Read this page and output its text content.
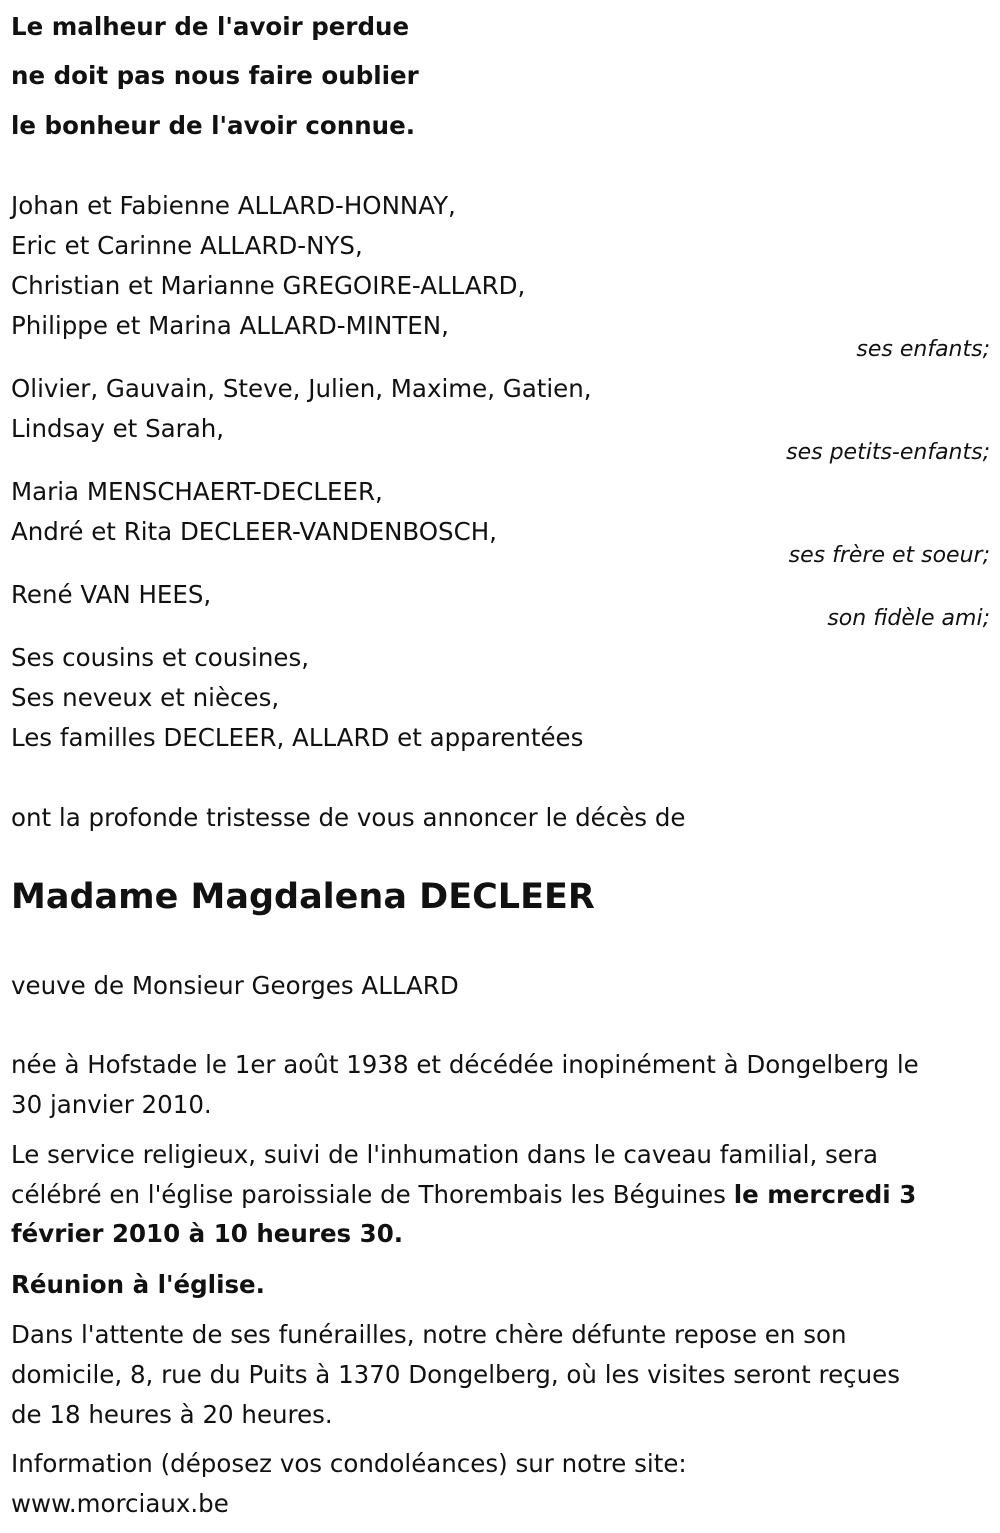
Le malheur de l'avoir perdue
ne doit pas nous faire oublier
le bonheur de l'avoir connue.
Johan et Fabienne ALLARD-HONNAY,
Eric et Carinne ALLARD-NYS,
Christian et Marianne GREGOIRE-ALLARD,
Philippe et Marina ALLARD-MINTEN,
ses enfants;
Olivier, Gauvain, Steve, Julien, Maxime, Gatien,
Lindsay et Sarah,
ses petits-enfants;
Maria MENSCHAERT-DECLEER,
André et Rita DECLEER-VANDENBOSCH,
ses frère et soeur;
René VAN HEES,
son fidèle ami;
Ses cousins et cousines,
Ses neveux et nièces,
Les familles DECLEER, ALLARD et apparentées
ont la profonde tristesse de vous annoncer le décès de
Madame Magdalena DECLEER
veuve de Monsieur Georges ALLARD
née à Hofstade le 1er août 1938 et décédée inopinément à Dongelberg le
30 janvier 2010.
Le service religieux, suivi de l'inhumation dans le caveau familial, sera
célébré en l'église paroissiale de Thorembais les Béguines le mercredi 3
février 2010 à 10 heures 30.
Réunion à l'église.
Dans l'attente de ses funérailles, notre chère défunte repose en son
domicile, 8, rue du Puits à 1370 Dongelberg, où les visites seront reçues
de 18 heures à 20 heures.
Information (déposez vos condoléances) sur notre site:
www.morciaux.be
